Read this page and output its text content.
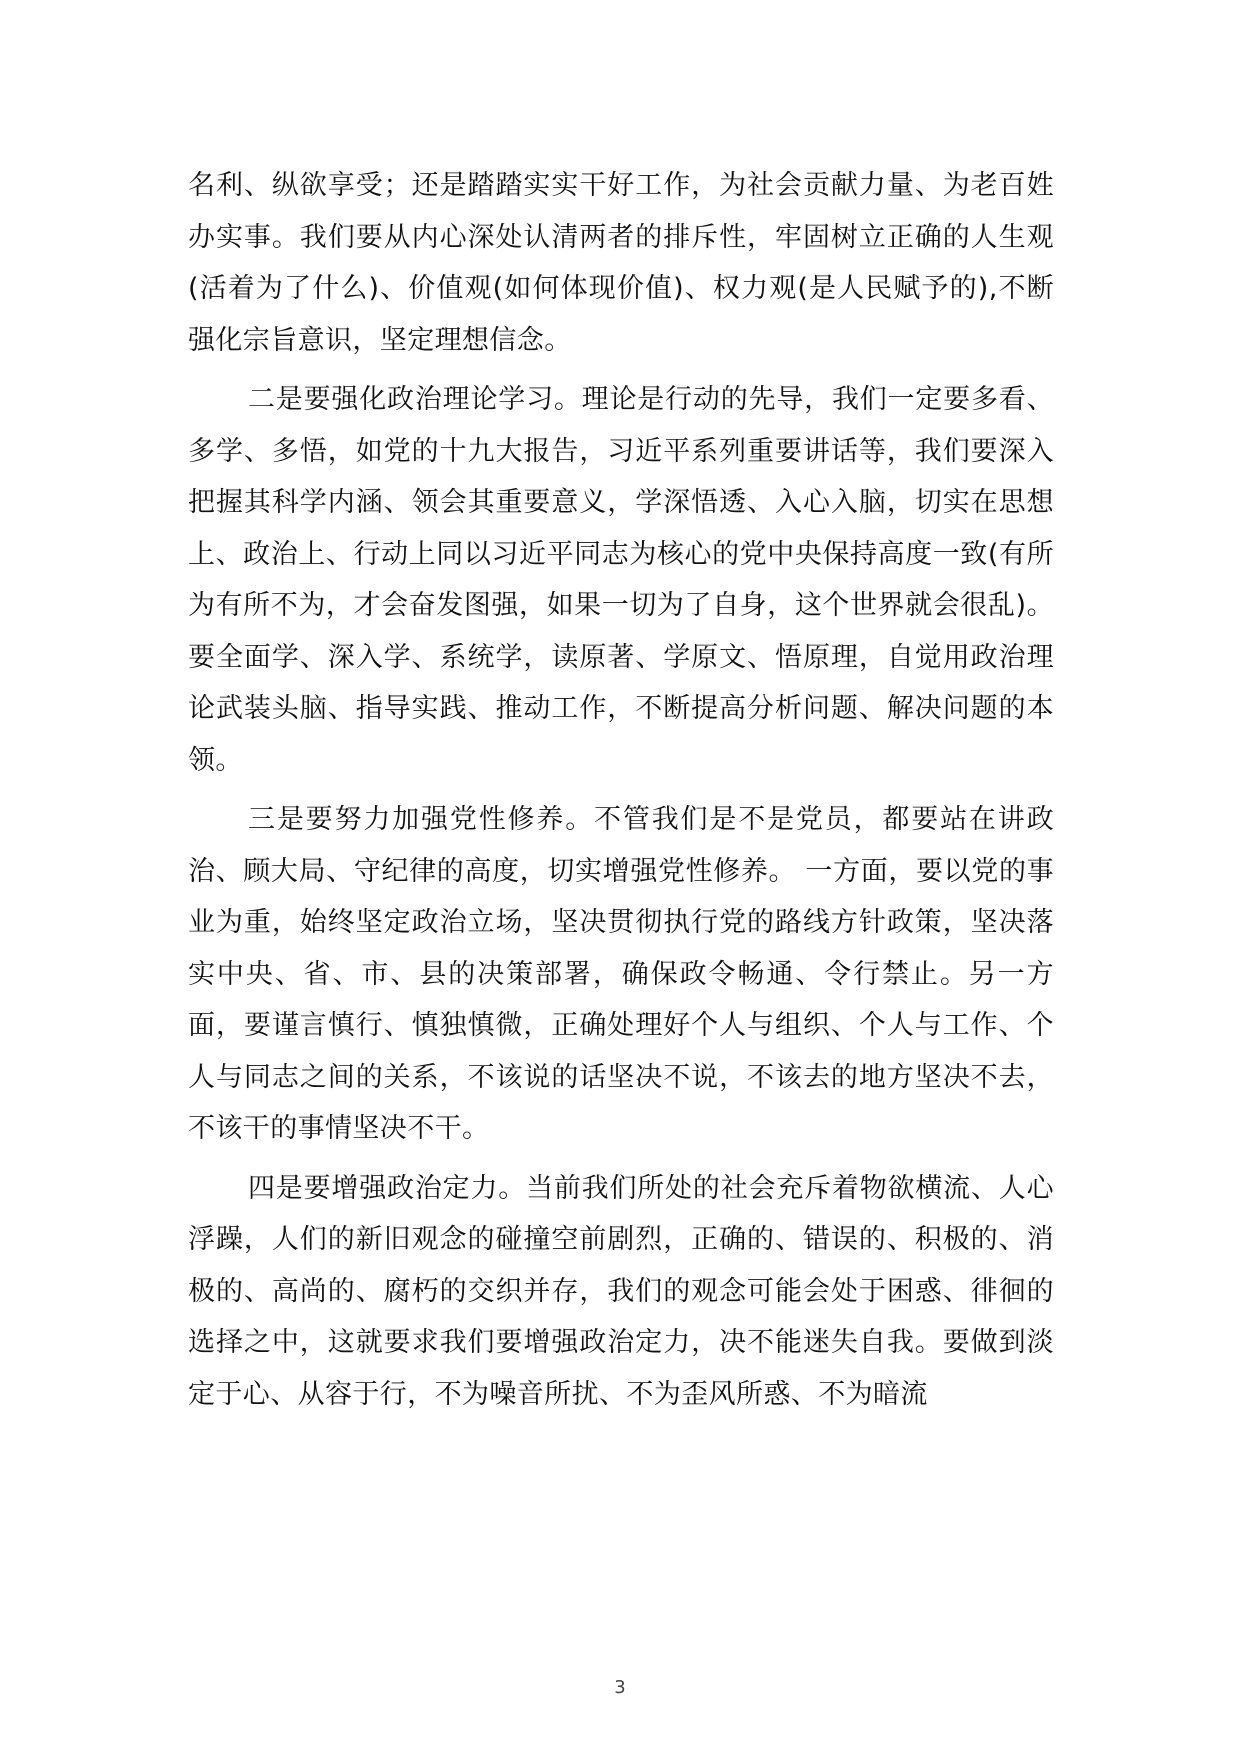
名利、纵欲享受；还是踏踏实实干好工作，为社会贡献力量、为老百姓办实事。我们要从内心深处认清两者的排斥性，牢固树立正确的人生观(活着为了什么)、价值观(如何体现价值)、权力观(是人民赋予的),不断强化宗旨意识，坚定理想信念。

二是要强化政治理论学习。理论是行动的先导，我们一定要多看、多学、多悟，如党的十九大报告，习近平系列重要讲话等，我们要深入把握其科学内涵、领会其重要意义，学深悟透、入心入脑，切实在思想上、政治上、行动上同以习近平同志为核心的党中央保持高度一致(有所为有所不为，才会奋发图强，如果一切为了自身，这个世界就会很乱)。要全面学、深入学、系统学，读原著、学原文、悟原理，自觉用政治理论武装头脑、指导实践、推动工作，不断提高分析问题、解决问题的本领。

三是要努力加强党性修养。不管我们是不是党员，都要站在讲政治、顾大局、守纪律的高度，切实增强党性修养。 一方面，要以党的事业为重，始终坚定政治立场，坚决贯彻执行党的路线方针政策，坚决落实中央、省、市、县的决策部署，确保政令畅通、令行禁止。另一方面，要谨言慎行、慎独慎微，正确处理好个人与组织、个人与工作、个人与同志之间的关系，不该说的话坚决不说，不该去的地方坚决不去，不该干的事情坚决不干。

四是要增强政治定力。当前我们所处的社会充斥着物欲横流、人心浮躁，人们的新旧观念的碰撞空前剧烈，正确的、错误的、积极的、消极的、高尚的、腐朽的交织并存，我们的观念可能会处于困惑、徘徊的选择之中，这就要求我们要增强政治定力，决不能迷失自我。要做到淡定于心、从容于行，不为噪音所扰、不为歪风所惑、不为暗流

3
